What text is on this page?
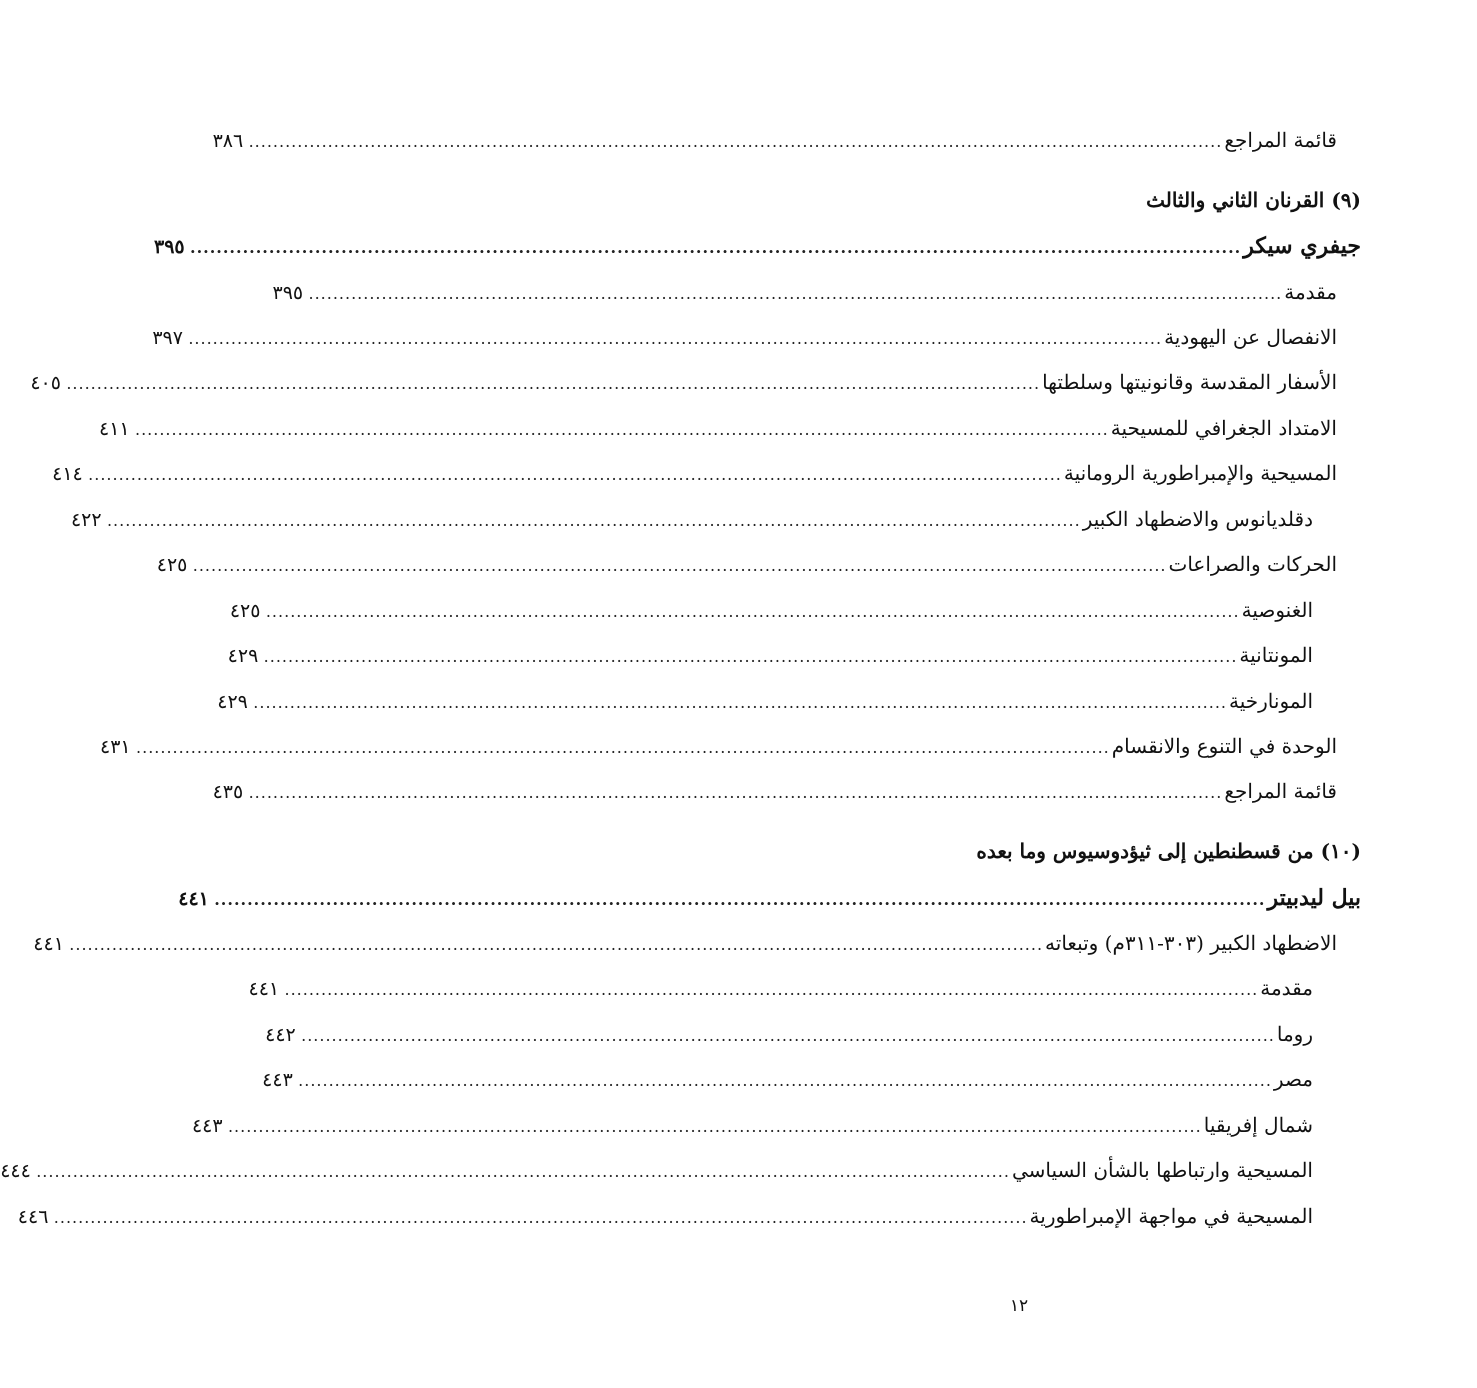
قائمة المراجع
................................................................................................................................................................
٣٨٦
(٩) القرنان الثاني والثالث
جيفري سيكر
................................................................................................................................................................
٣٩٥
مقدمة
................................................................................................................................................................
٣٩٥
الانفصال عن اليهودية
................................................................................................................................................................
٣٩٧
الأسفار المقدسة وقانونيتها وسلطتها
................................................................................................................................................................
٤٠٥
الامتداد الجغرافي للمسيحية
................................................................................................................................................................
٤١١
المسيحية والإمبراطورية الرومانية
................................................................................................................................................................
٤١٤
دقلديانوس والاضطهاد الكبير
................................................................................................................................................................
٤٢٢
الحركات والصراعات
................................................................................................................................................................
٤٢٥
الغنوصية
................................................................................................................................................................
٤٢٥
المونتانية
................................................................................................................................................................
٤٢٩
المونارخية
................................................................................................................................................................
٤٢٩
الوحدة في التنوع والانقسام
................................................................................................................................................................
٤٣١
قائمة المراجع
................................................................................................................................................................
٤٣٥
(١٠) من قسطنطين إلى ثيؤدوسيوس وما بعده
بيل ليدبيتر
................................................................................................................................................................
٤٤١
الاضطهاد الكبير (٣٠٣-٣١١م) وتبعاته
................................................................................................................................................................
٤٤١
مقدمة
................................................................................................................................................................
٤٤١
روما
................................................................................................................................................................
٤٤٢
مصر
................................................................................................................................................................
٤٤٣
شمال إفريقيا
................................................................................................................................................................
٤٤٣
المسيحية وارتباطها بالشأن السياسي
................................................................................................................................................................
٤٤٤
المسيحية في مواجهة الإمبراطورية
................................................................................................................................................................
٤٤٦
١٢
